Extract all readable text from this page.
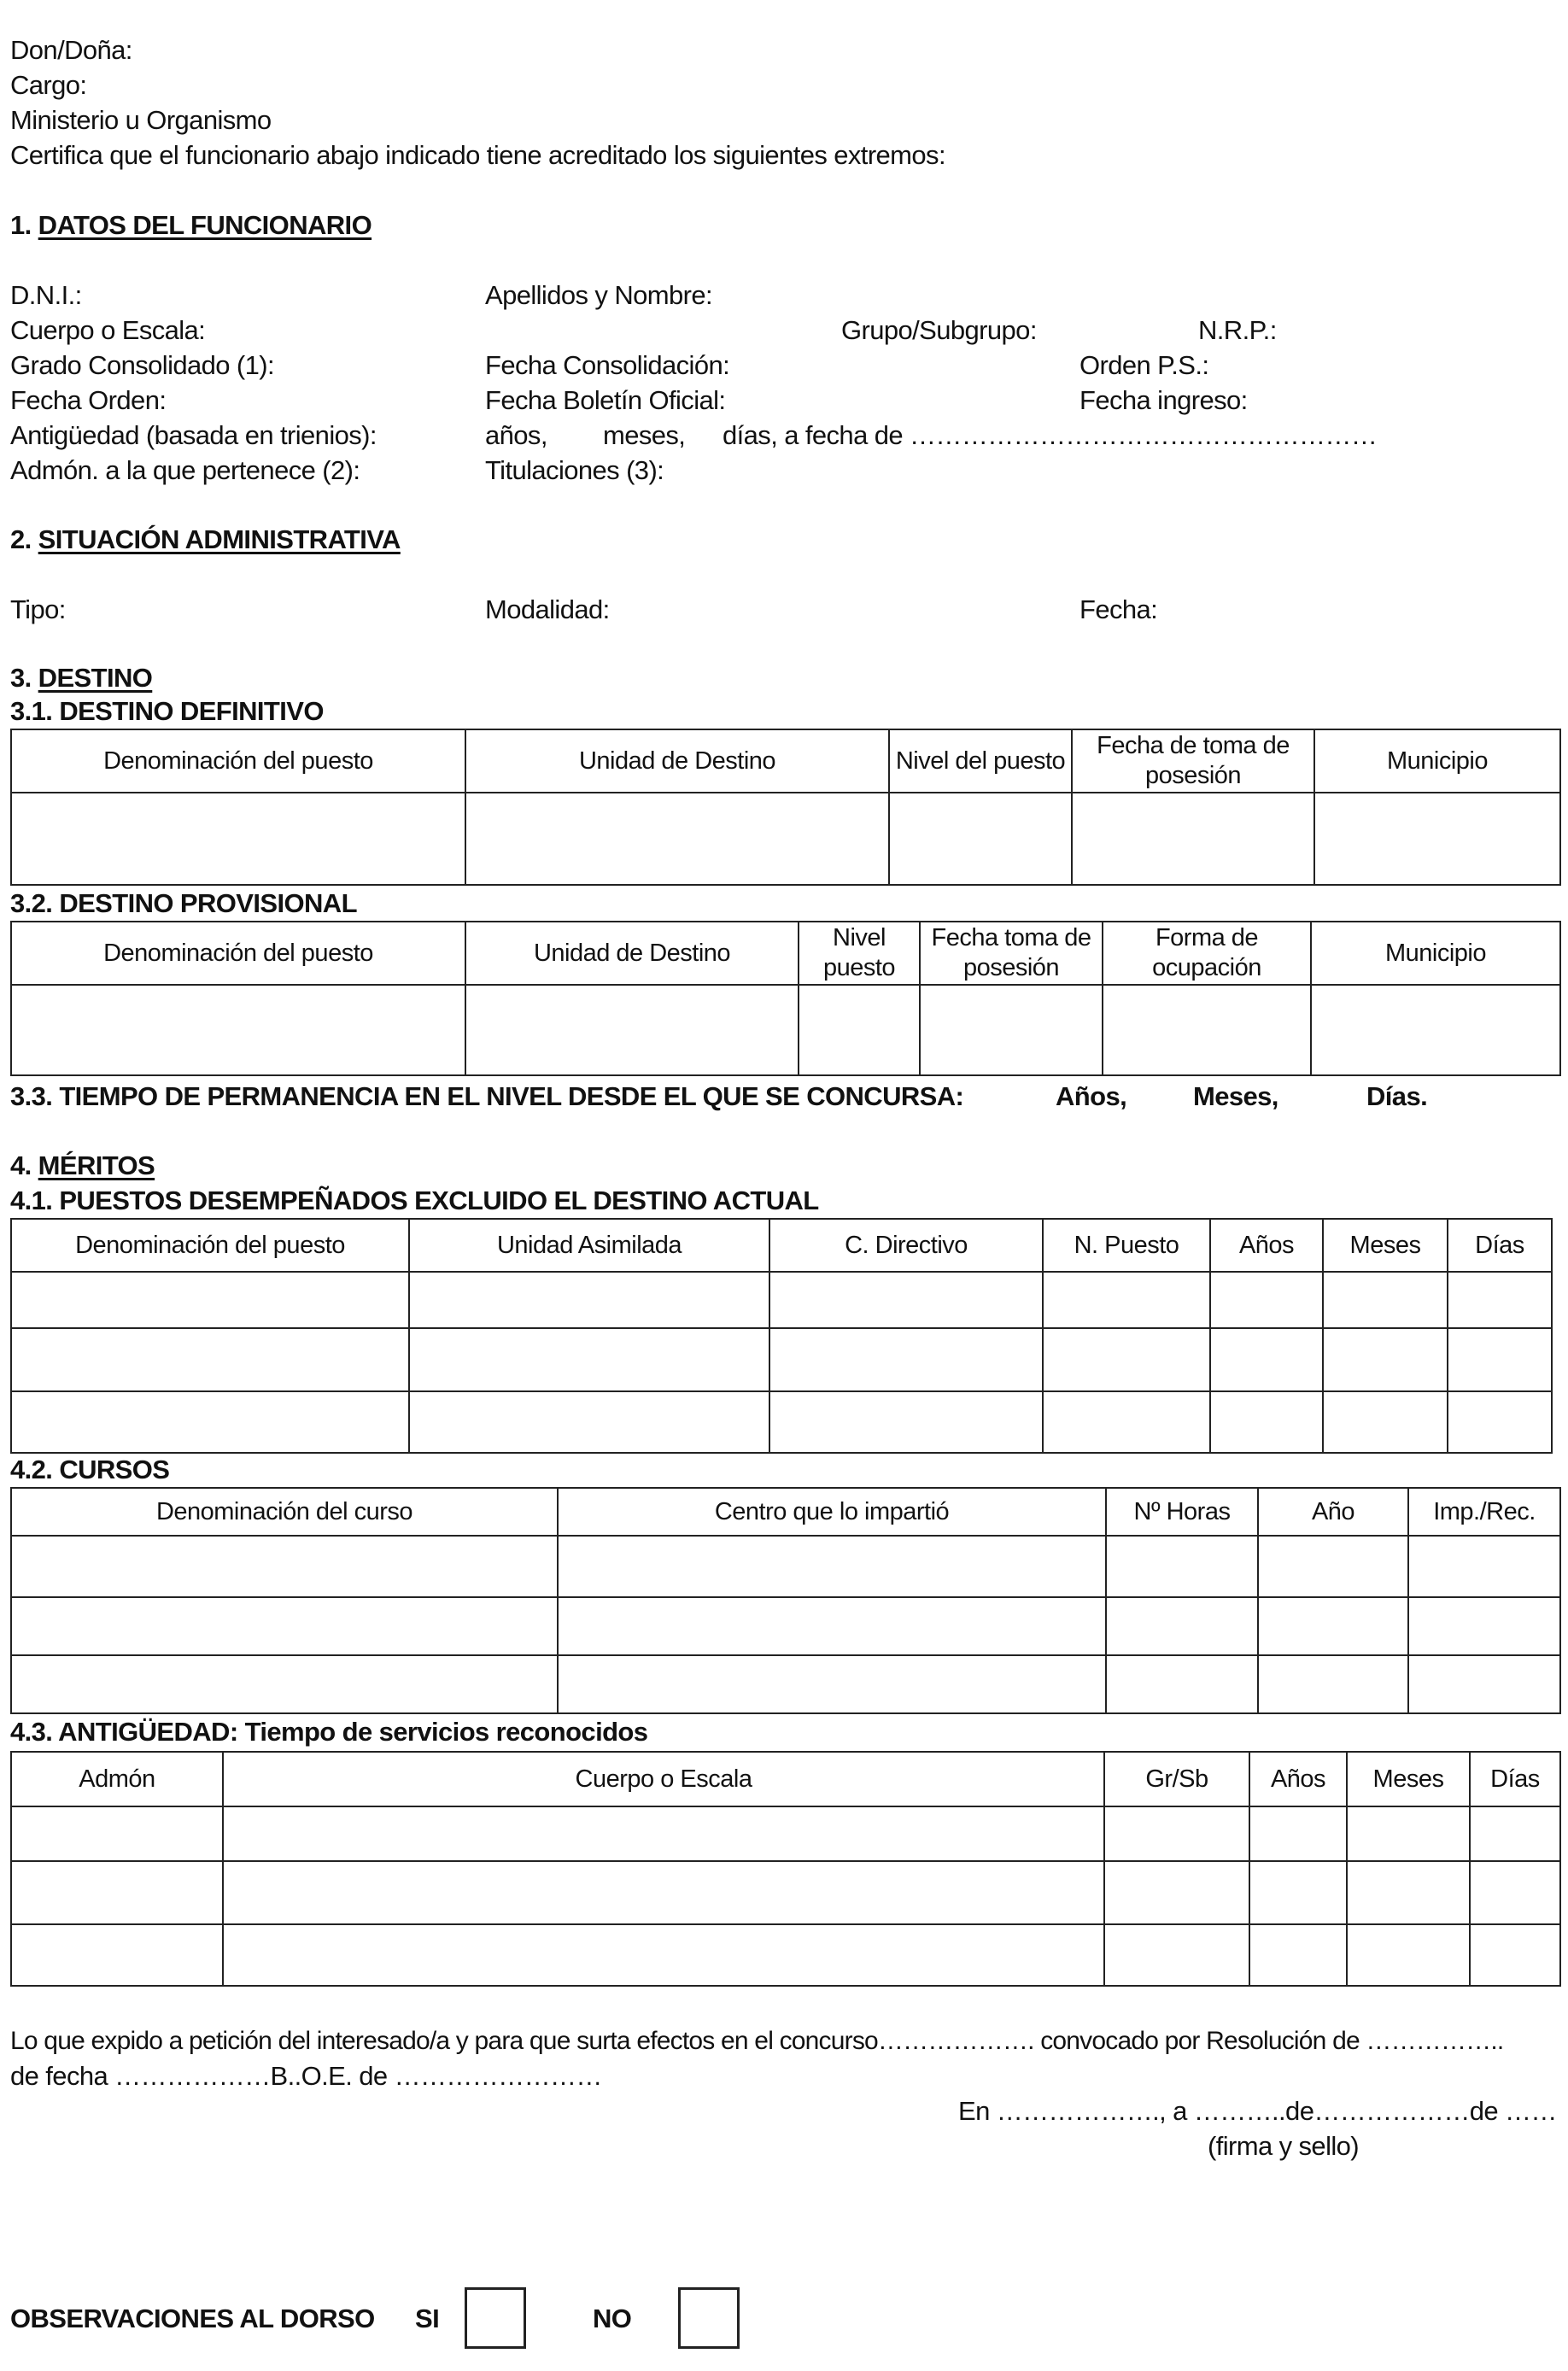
Don/Doña:
Cargo:
Ministerio u Organismo
Certifica que el funcionario abajo indicado tiene acreditado los siguientes extremos:
1. DATOS DEL FUNCIONARIO
D.N.I.:	Apellidos y Nombre:
Cuerpo o Escala:	Grupo/Subgrupo:	N.R.P.:
Grado Consolidado (1):	Fecha Consolidación:	Orden P.S.:
Fecha Orden:	Fecha Boletín Oficial:	Fecha ingreso:
Antigüedad (basada en trienios):	años, meses, días, a fecha de ………………………………………………
Admón. a la que pertenece (2):	Titulaciones (3):
2. SITUACIÓN ADMINISTRATIVA
Tipo:	Modalidad:	Fecha:
3. DESTINO
3.1. DESTINO DEFINITIVO
Denominación del puesto	Unidad de Destino	Nivel del puesto	Fecha de toma de posesión	Municipio

3.2. DESTINO PROVISIONAL
Denominación del puesto	Unidad de Destino	Nivel puesto	Fecha toma de posesión	Forma de ocupación	Municipio

3.3. TIEMPO DE PERMANENCIA EN EL NIVEL DESDE EL QUE SE CONCURSA:	Años,	Meses,	Días.
4. MÉRITOS
4.1. PUESTOS DESEMPEÑADOS EXCLUIDO EL DESTINO ACTUAL
Denominación del puesto	Unidad Asimilada	C. Directivo	N. Puesto	Años	Meses	Días

4.2. CURSOS
Denominación del curso	Centro que lo impartió	Nº Horas	Año	Imp./Rec.

4.3. ANTIGÜEDAD: Tiempo de servicios reconocidos
Admón	Cuerpo o Escala	Gr/Sb	Años	Meses	Días

Lo que expido a petición del interesado/a y para que surta efectos en el concurso………………. convocado por Resolución de ……………..
de fecha ………………B..O.E. de ……………………
En ………………., a ………..de………………de ……
(firma y sello)
OBSERVACIONES AL DORSO SI	NO
